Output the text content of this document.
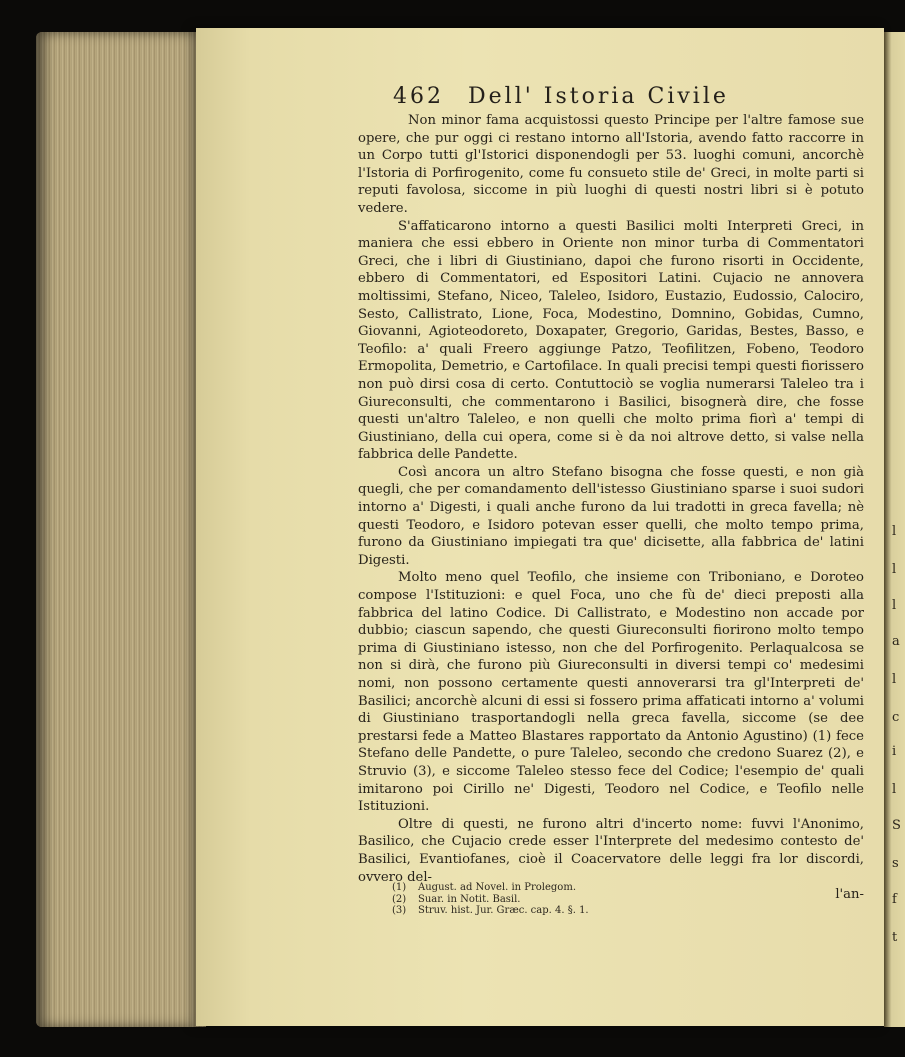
l
l
l
a
l
c
i
l
S
s
f
t
462 Dell' Istoria Civile

Non minor fama acquistossi questo Principe per l'altre famose sue opere, che pur oggi ci restano intorno all'Istoria, avendo fatto raccorre in un Corpo tutti gl'Istorici disponendogli per 53. luoghi comuni, ancorchè l'Istoria di Porfirogenito, come fu consueto stile de' Greci, in molte parti si reputi favolosa, siccome in più luoghi di questi nostri libri si è potuto vedere.

S'affaticarono intorno a questi Basilici molti Interpreti Greci, in maniera che essi ebbero in Oriente non minor turba di Commentatori Greci, che i libri di Giustiniano, dapoi che furono risorti in Occidente, ebbero di Commentatori, ed Espositori Latini. Cujacio ne annovera moltissimi, Stefano, Niceo, Taleleo, Isidoro, Eustazio, Eudossio, Calociro, Sesto, Callistrato, Lione, Foca, Modestino, Domnino, Gobidas, Cumno, Giovanni, Agioteodoreto, Doxapater, Gregorio, Garidas, Bestes, Basso, e Teofilo: a' quali Freero aggiunge Patzo, Teofilitzen, Fobeno, Teodoro Ermopolita, Demetrio, e Cartofilace. In quali precisi tempi questi fiorissero non può dirsi cosa di certo. Contuttociò se voglia numerarsi Taleleo tra i Giureconsulti, che commentarono i Basilici, bisognerà dire, che fosse questi un'altro Taleleo, e non quelli che molto prima fiorì a' tempi di Giustiniano, della cui opera, come si è da noi altrove detto, si valse nella fabbrica delle Pandette.

Così ancora un altro Stefano bisogna che fosse questi, e non già quegli, che per comandamento dell'istesso Giustiniano sparse i suoi sudori intorno a' Digesti, i quali anche furono da lui tradotti in greca favella; nè questi Teodoro, e Isidoro potevan esser quelli, che molto tempo prima, furono da Giustiniano impiegati tra que' dicisette, alla fabbrica de' latini Digesti.

Molto meno quel Teofilo, che insieme con Triboniano, e Doroteo compose l'Istituzioni: e quel Foca, uno che fù de' dieci preposti alla fabbrica del latino Codice. Di Callistrato, e Modestino non accade por dubbio; ciascun sapendo, che questi Giureconsulti fiorirono molto tempo prima di Giustiniano istesso, non che del Porfirogenito. Perlaqualcosa se non si dirà, che furono più Giureconsulti in diversi tempi co' medesimi nomi, non possono certamente questi annoverarsi tra gl'Interpreti de' Basilici; ancorchè alcuni di essi si fossero prima affaticati intorno a' volumi di Giustiniano trasportandogli nella greca favella, siccome (se dee prestarsi fede a Matteo Blastares rapportato da Antonio Agustino) (1) fece Stefano delle Pandette, o pure Taleleo, secondo che credono Suarez (2), e Struvio (3), e siccome Taleleo stesso fece del Codice; l'esempio de' quali imitarono poi Cirillo ne' Digesti, Teodoro nel Codice, e Teofilo nelle Istituzioni.

Oltre di questi, ne furono altri d'incerto nome: fuvvi l'Anonimo, Basilico, che Cujacio crede esser l'Interprete del medesimo contesto de' Basilici, Evantiofanes, cioè il Coacervatore delle leggi fra lor discordi, ovvero del-

l'an-
(1) August. ad Novel. in Prolegom.
(2) Suar. in Notit. Basil.
(3) Struv. hist. Jur. Græc. cap. 4. §. 1.
